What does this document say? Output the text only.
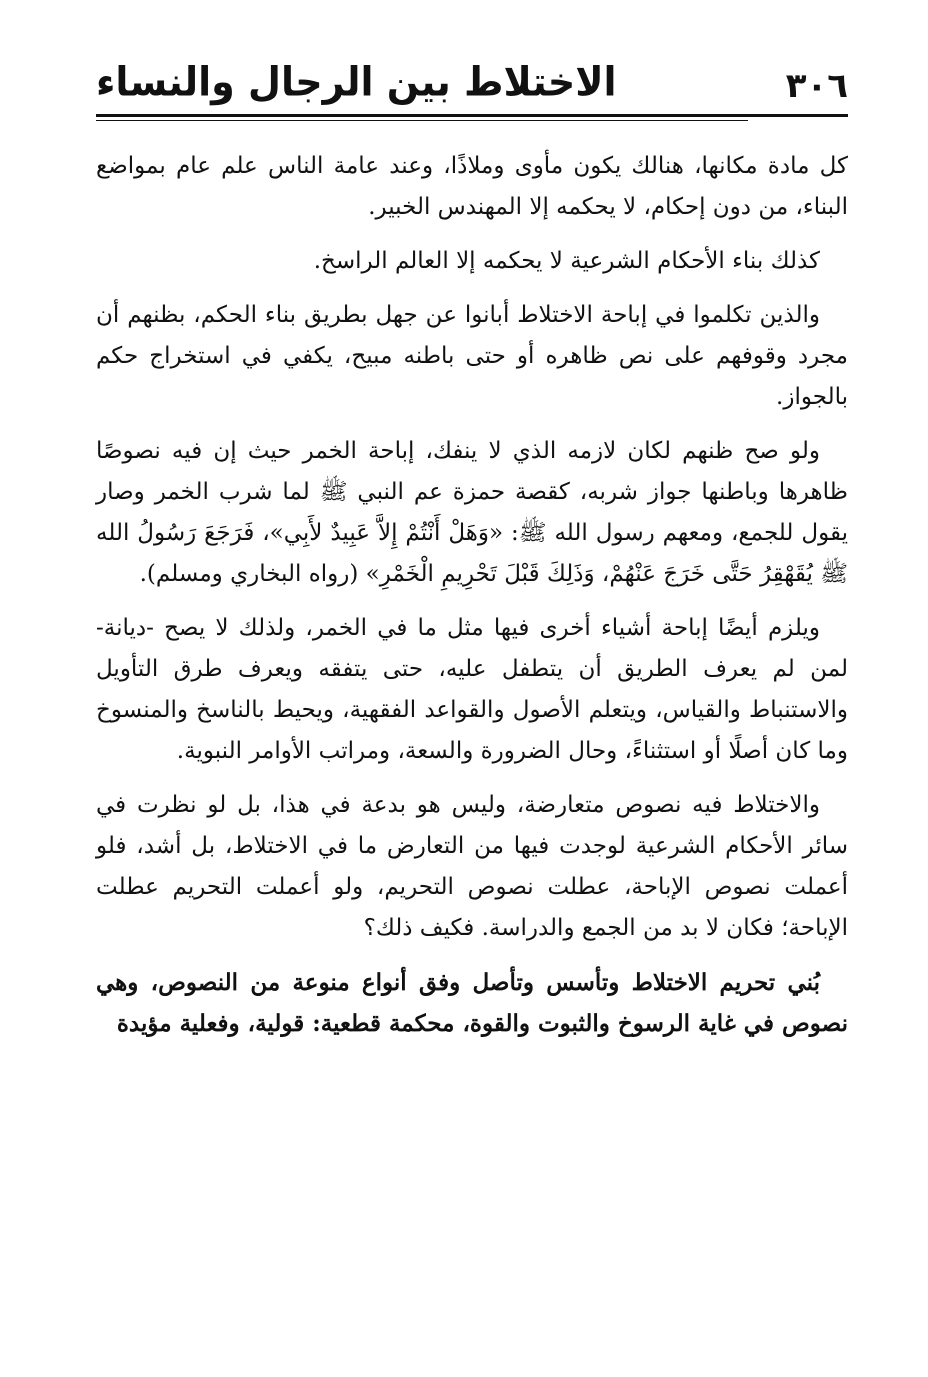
الاختلاط بين الرجال والنساء	٣٠٦

كل مادة مكانها، هنالك يكون مأوى وملاذًا، وعند عامة الناس علم عام بمواضع البناء، من دون إحكام، لا يحكمه إلا المهندس الخبير.

كذلك بناء الأحكام الشرعية لا يحكمه إلا العالم الراسخ.

والذين تكلموا في إباحة الاختلاط أبانوا عن جهل بطريق بناء الحكم، بظنهم أن مجرد وقوفهم على نص ظاهره أو حتى باطنه مبيح، يكفي في استخراج حكم بالجواز.

ولو صح ظنهم لكان لازمه الذي لا ينفك، إباحة الخمر حيث إن فيه نصوصًا ظاهرها وباطنها جواز شربه، كقصة حمزة عم النبي ﷺ لما شرب الخمر وصار يقول للجمع، ومعهم رسول الله ﷺ: «وَهَلْ أَنْتُمْ إِلاَّ عَبِيدٌ لأَبِي»، فَرَجَعَ رَسُولُ الله ﷺ يُقَهْقِرُ حَتَّى خَرَجَ عَنْهُمْ، وَذَلِكَ قَبْلَ تَحْرِيمِ الْخَمْرِ» (رواه البخاري ومسلم).

ويلزم أيضًا إباحة أشياء أخرى فيها مثل ما في الخمر، ولذلك لا يصح -ديانة- لمن لم يعرف الطريق أن يتطفل عليه، حتى يتفقه ويعرف طرق التأويل والاستنباط والقياس، ويتعلم الأصول والقواعد الفقهية، ويحيط بالناسخ والمنسوخ وما كان أصلًا أو استثناءً، وحال الضرورة والسعة، ومراتب الأوامر النبوية.

والاختلاط فيه نصوص متعارضة، وليس هو بدعة في هذا، بل لو نظرت في سائر الأحكام الشرعية لوجدت فيها من التعارض ما في الاختلاط، بل أشد، فلو أعملت نصوص الإباحة، عطلت نصوص التحريم، ولو أعملت التحريم عطلت الإباحة؛ فكان لا بد من الجمع والدراسة. فكيف ذلك؟

بُني تحريم الاختلاط وتأسس وتأصل وفق أنواع منوعة من النصوص، وهي نصوص في غاية الرسوخ والثبوت والقوة، محكمة قطعية: قولية، وفعلية مؤيدة
